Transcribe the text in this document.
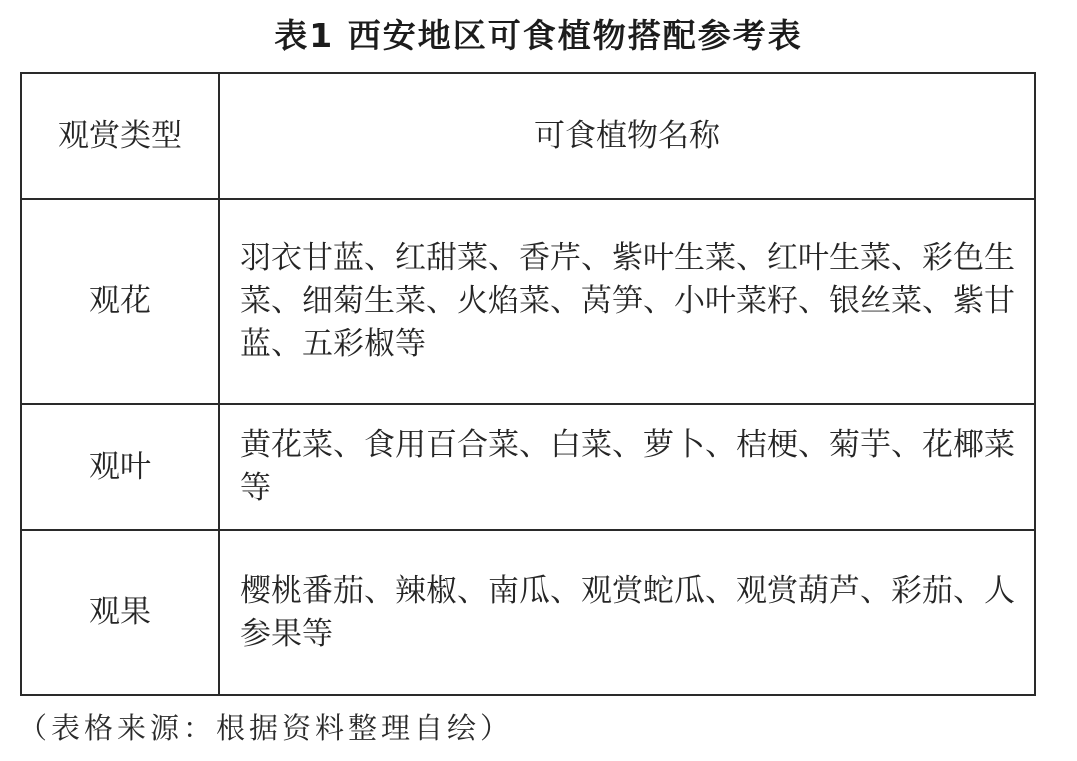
表1 西安地区可食植物搭配参考表
观赏类型	可食植物名称
观花	羽衣甘蓝、红甜菜、香芹、紫叶生菜、红叶生菜、彩色生菜、细菊生菜、火焰菜、莴笋、小叶菜籽、银丝菜、紫甘蓝、五彩椒等
观叶	黄花菜、食用百合菜、白菜、萝卜、桔梗、菊芋、花椰菜等
观果	樱桃番茄、辣椒、南瓜、观赏蛇瓜、观赏葫芦、彩茄、人参果等
（表格来源：根据资料整理自绘）
